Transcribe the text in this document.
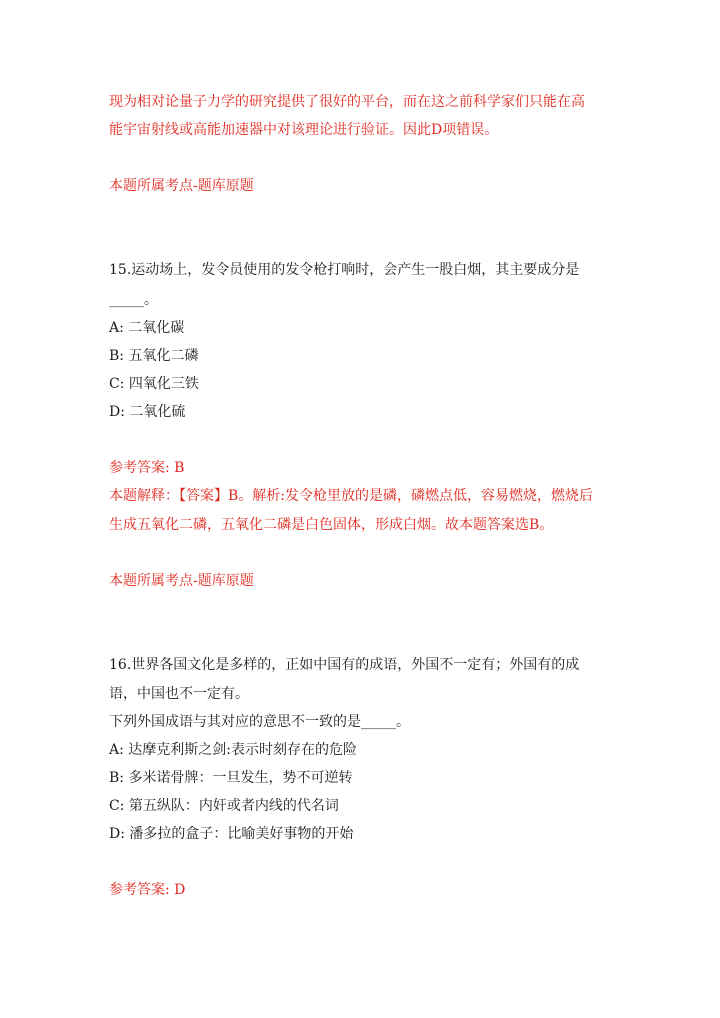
现为相对论量子力学的研究提供了很好的平台，而在这之前科学家们只能在高
能宇宙射线或高能加速器中对该理论进行验证。因此D项错误。
本题所属考点-题库原题
15.运动场上，发令员使用的发令枪打响时，会产生一股白烟，其主要成分是
_____。
A: 二氧化碳
B: 五氧化二磷
C: 四氧化三铁
D: 二氧化硫
参考答案: B
本题解释：【答案】B。解析:发令枪里放的是磷，磷燃点低，容易燃烧，燃烧后
生成五氧化二磷，五氧化二磷是白色固体，形成白烟。故本题答案选B。
本题所属考点-题库原题
16.世界各国文化是多样的，正如中国有的成语，外国不一定有；外国有的成
语，中国也不一定有。
下列外国成语与其对应的意思不一致的是_____。
A: 达摩克利斯之剑:表示时刻存在的危险
B: 多米诺骨牌：一旦发生，势不可逆转
C: 第五纵队：内奸或者内线的代名词
D: 潘多拉的盒子：比喻美好事物的开始
参考答案: D
